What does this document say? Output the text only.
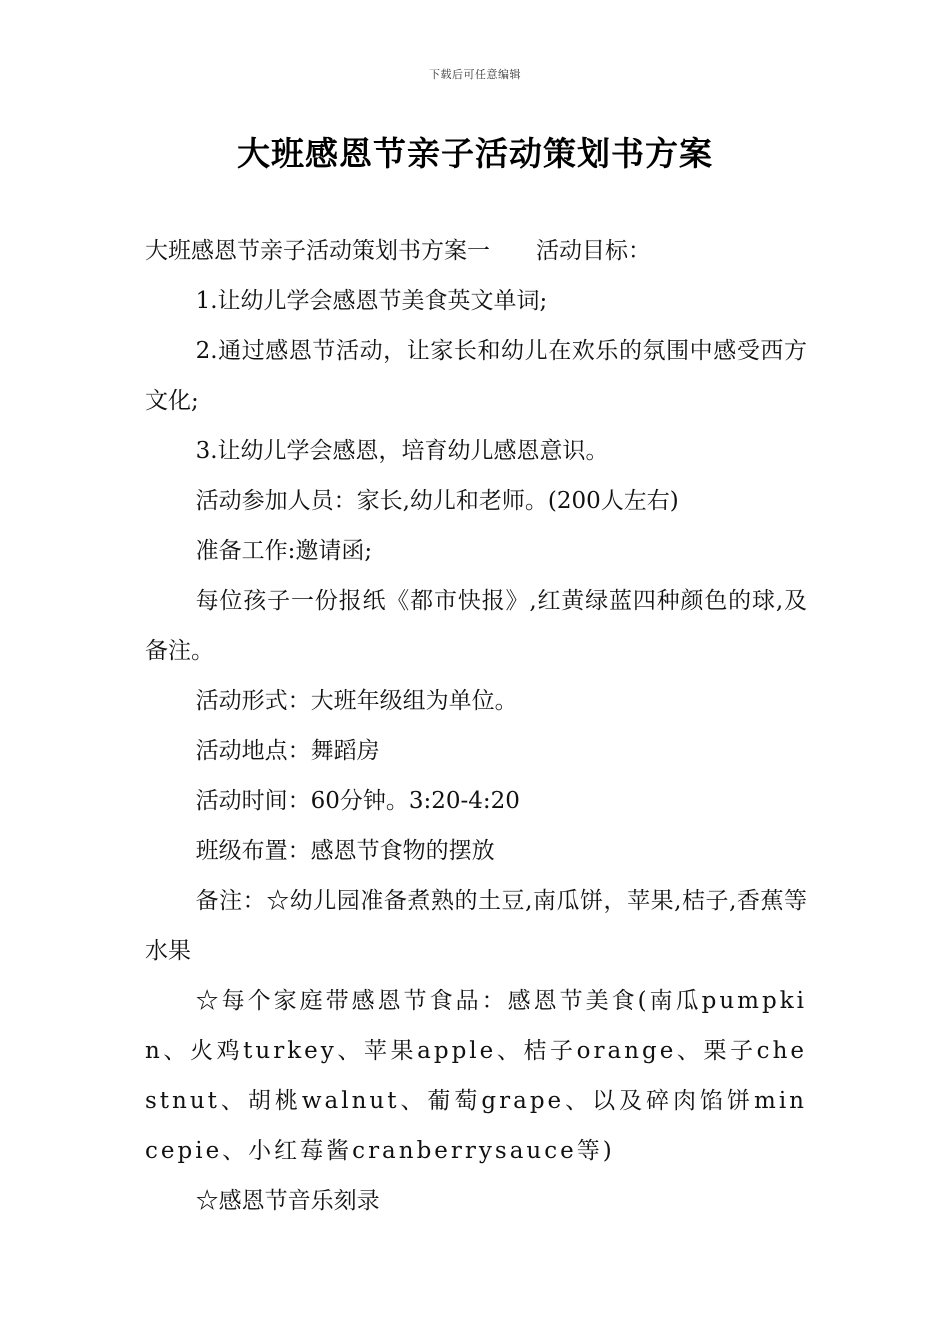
下载后可任意编辑
大班感恩节亲子活动策划书方案

大班感恩节亲子活动策划书方案一　　活动目标：

1.让幼儿学会感恩节美食英文单词;

2.通过感恩节活动，让家长和幼儿在欢乐的氛围中感受西方文化;

3.让幼儿学会感恩，培育幼儿感恩意识。

活动参加人员：家长,幼儿和老师。(200人左右)

准备工作:邀请函;

每位孩子一份报纸《都市快报》,红黄绿蓝四种颜色的球,及备注。

活动形式：大班年级组为单位。

活动地点：舞蹈房

活动时间：60分钟。3:20-4:20

班级布置：感恩节食物的摆放

备注：☆幼儿园准备煮熟的土豆,南瓜饼，苹果,桔子,香蕉等水果

☆每个家庭带感恩节食品：感恩节美食(南瓜pumpkin、火鸡turkey、苹果apple、桔子orange、栗子chestnut、胡桃walnut、葡萄grape、以及碎肉馅饼mincepie、小红莓酱cranberrysauce等)

☆感恩节音乐刻录
